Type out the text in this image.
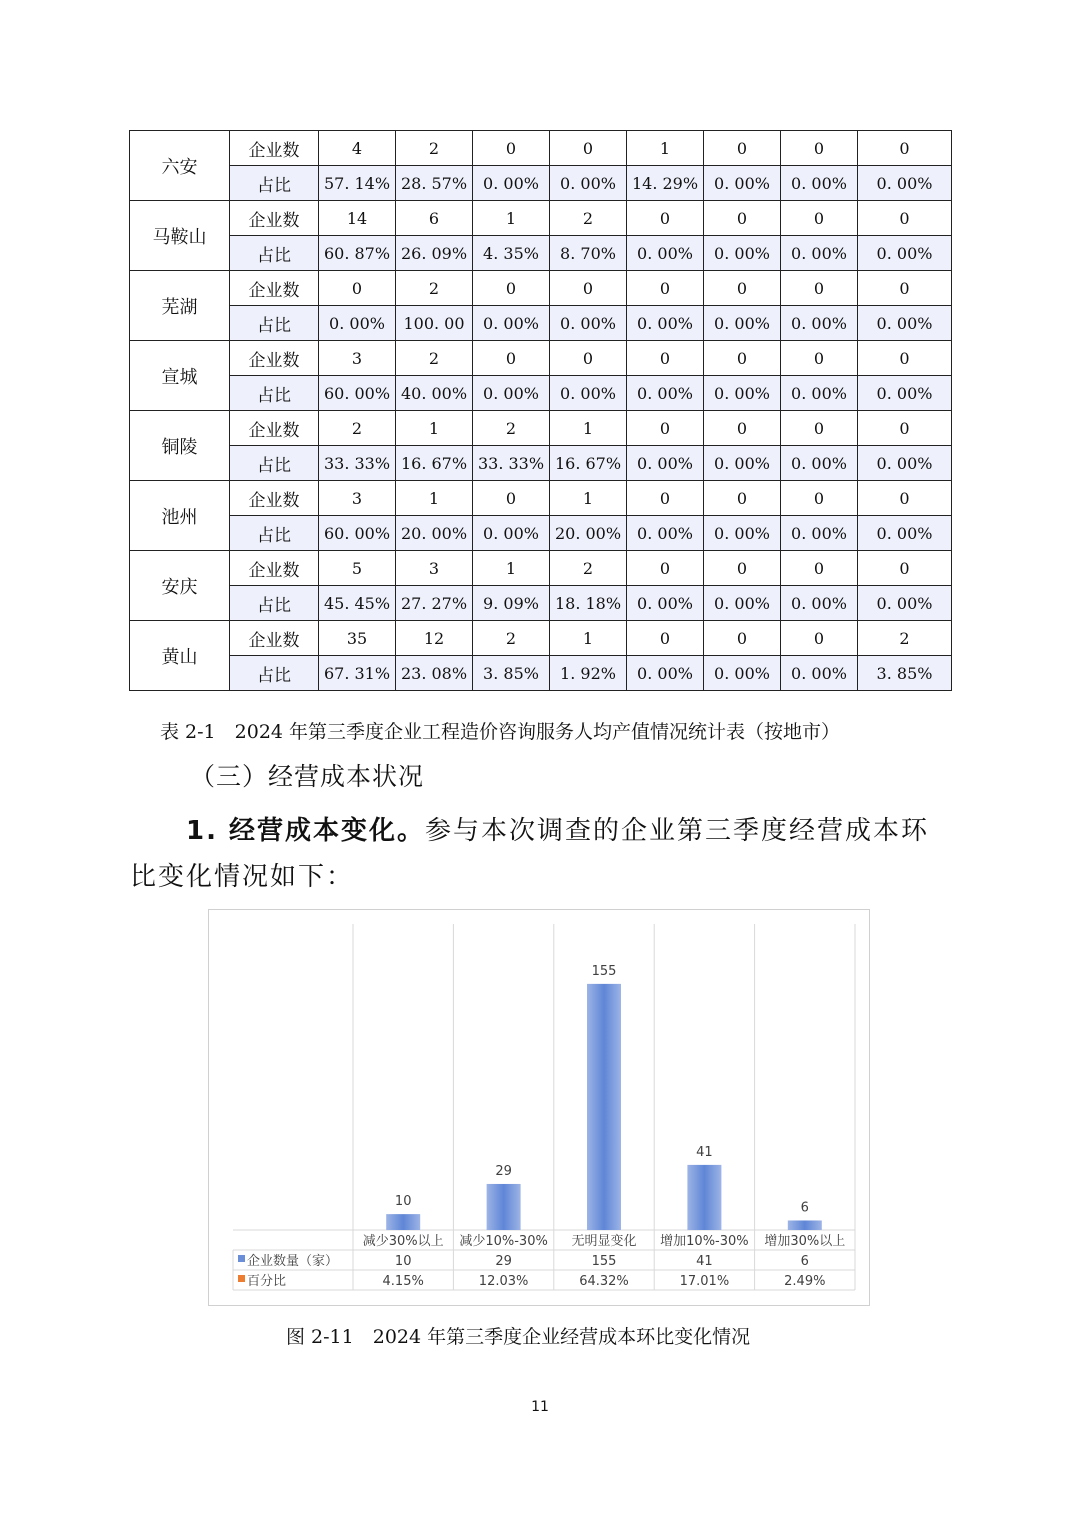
六安	企业数	4	2	0	0	1	0	0	0
	占比	57. 14%	28. 57%	0. 00%	0. 00%	14. 29%	0. 00%	0. 00%	0. 00%
马鞍山	企业数	14	6	1	2	0	0	0	0
	占比	60. 87%	26. 09%	4. 35%	8. 70%	0. 00%	0. 00%	0. 00%	0. 00%
芜湖	企业数	0	2	0	0	0	0	0	0
	占比	0. 00%	100. 00	0. 00%	0. 00%	0. 00%	0. 00%	0. 00%	0. 00%
宣城	企业数	3	2	0	0	0	0	0	0
	占比	60. 00%	40. 00%	0. 00%	0. 00%	0. 00%	0. 00%	0. 00%	0. 00%
铜陵	企业数	2	1	2	1	0	0	0	0
	占比	33. 33%	16. 67%	33. 33%	16. 67%	0. 00%	0. 00%	0. 00%	0. 00%
池州	企业数	3	1	0	1	0	0	0	0
	占比	60. 00%	20. 00%	0. 00%	20. 00%	0. 00%	0. 00%	0. 00%	0. 00%
安庆	企业数	5	3	1	2	0	0	0	0
	占比	45. 45%	27. 27%	9. 09%	18. 18%	0. 00%	0. 00%	0. 00%	0. 00%
黄山	企业数	35	12	2	1	0	0	0	2
	占比	67. 31%	23. 08%	3. 85%	1. 92%	0. 00%	0. 00%	0. 00%	3. 85%
表 2-1　2024 年第三季度企业工程造价咨询服务人均产值情况统计表（按地市）
（三）经营成本状况
1. 经营成本变化。参与本次调查的企业第三季度经营成本环比变化情况如下：
10
减少30%以上
10
4.15%
29
减少10%-30%
29
12.03%
155
无明显变化
155
64.32%
41
增加10%-30%
41
17.01%
6
增加30%以上
6
2.49%
企业数量（家）
百分比
图 2-11　2024 年第三季度企业经营成本环比变化情况
11
